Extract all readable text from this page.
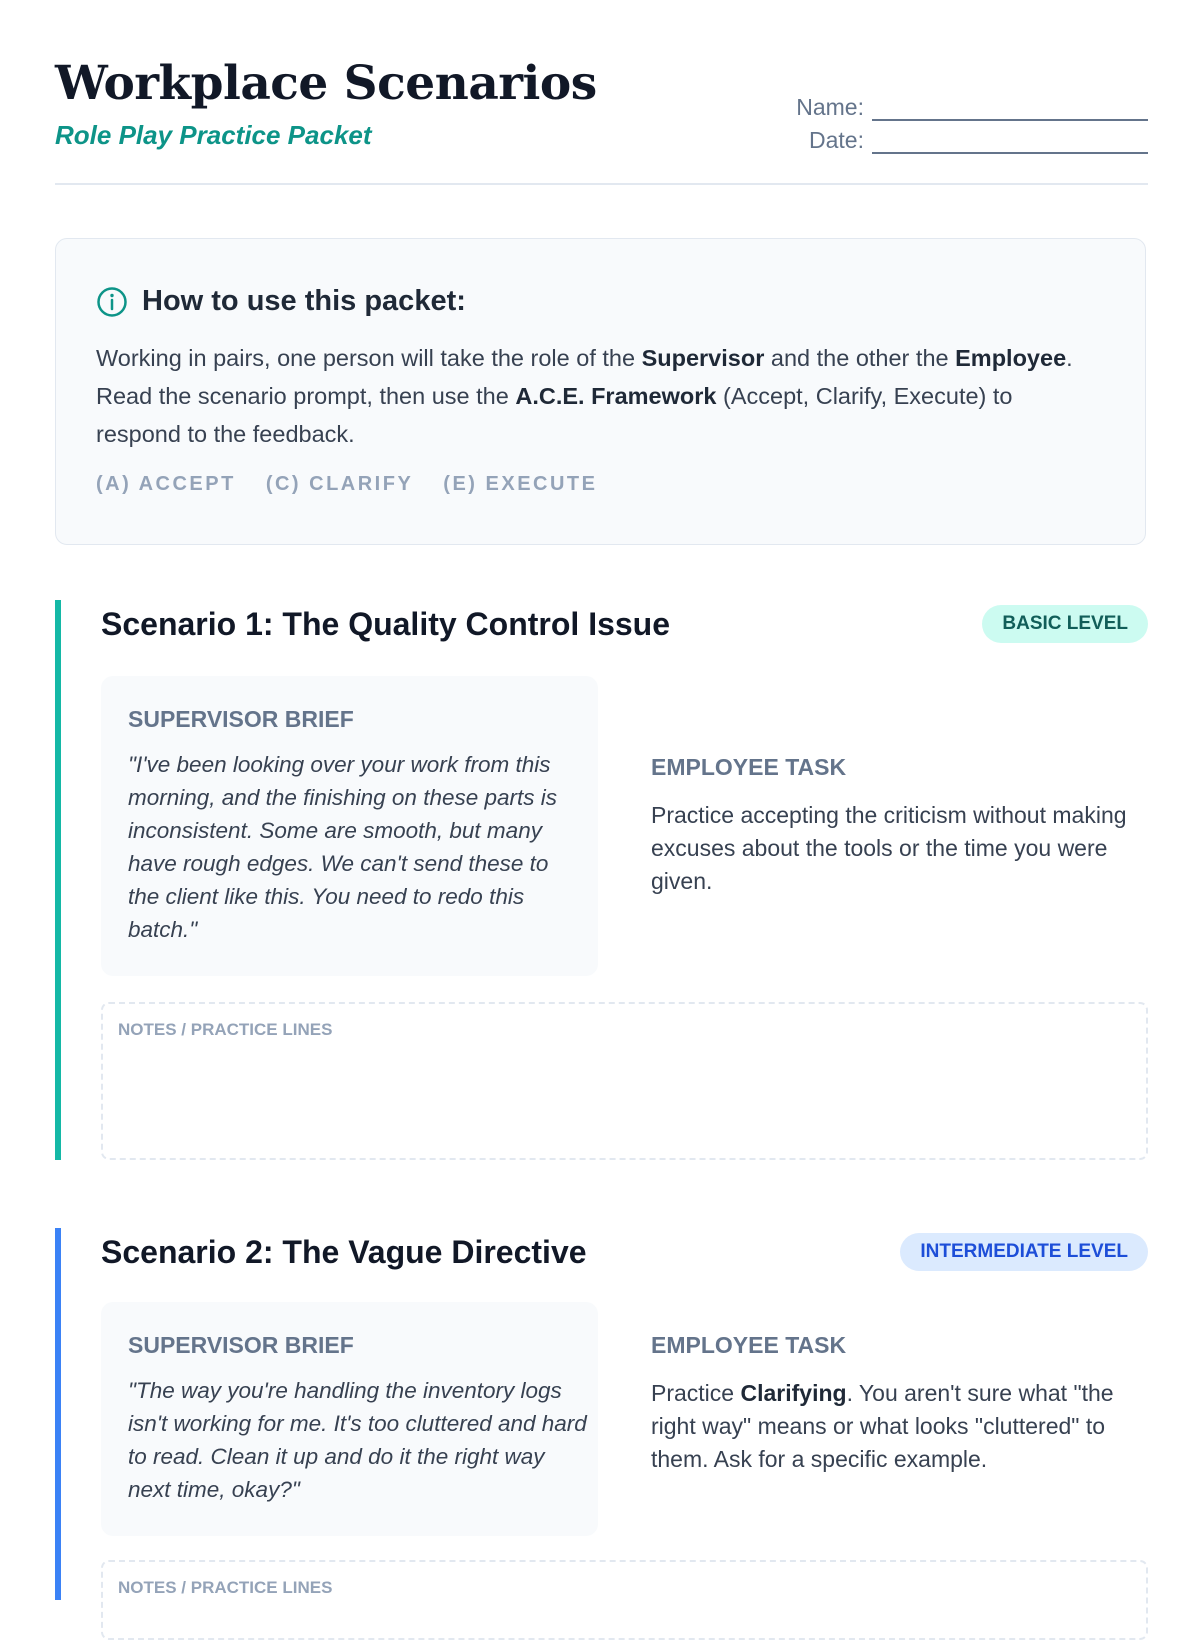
Workplace Scenarios
Role Play Practice Packet
Name:
Date:
How to use this packet:

Working in pairs, one person will take the role of the Supervisor and the other the Employee. Read the scenario prompt, then use the A.C.E. Framework (Accept, Clarify, Execute) to respond to the feedback.

(A) ACCEPT (C) CLARIFY (E) EXECUTE
Scenario 1: The Quality Control Issue	BASIC LEVEL
SUPERVISOR BRIEF

"I've been looking over your work from this morning, and the finishing on these parts is inconsistent. Some are smooth, but many have rough edges. We can't send these to the client like this. You need to redo this batch."

EMPLOYEE TASK

Practice accepting the criticism without making excuses about the tools or the time you were given.

NOTES / PRACTICE LINES
Scenario 2: The Vague Directive	INTERMEDIATE LEVEL
SUPERVISOR BRIEF

"The way you're handling the inventory logs isn't working for me. It's too cluttered and hard to read. Clean it up and do it the right way next time, okay?"

EMPLOYEE TASK

Practice Clarifying. You aren't sure what "the right way" means or what looks "cluttered" to them. Ask for a specific example.

NOTES / PRACTICE LINES
